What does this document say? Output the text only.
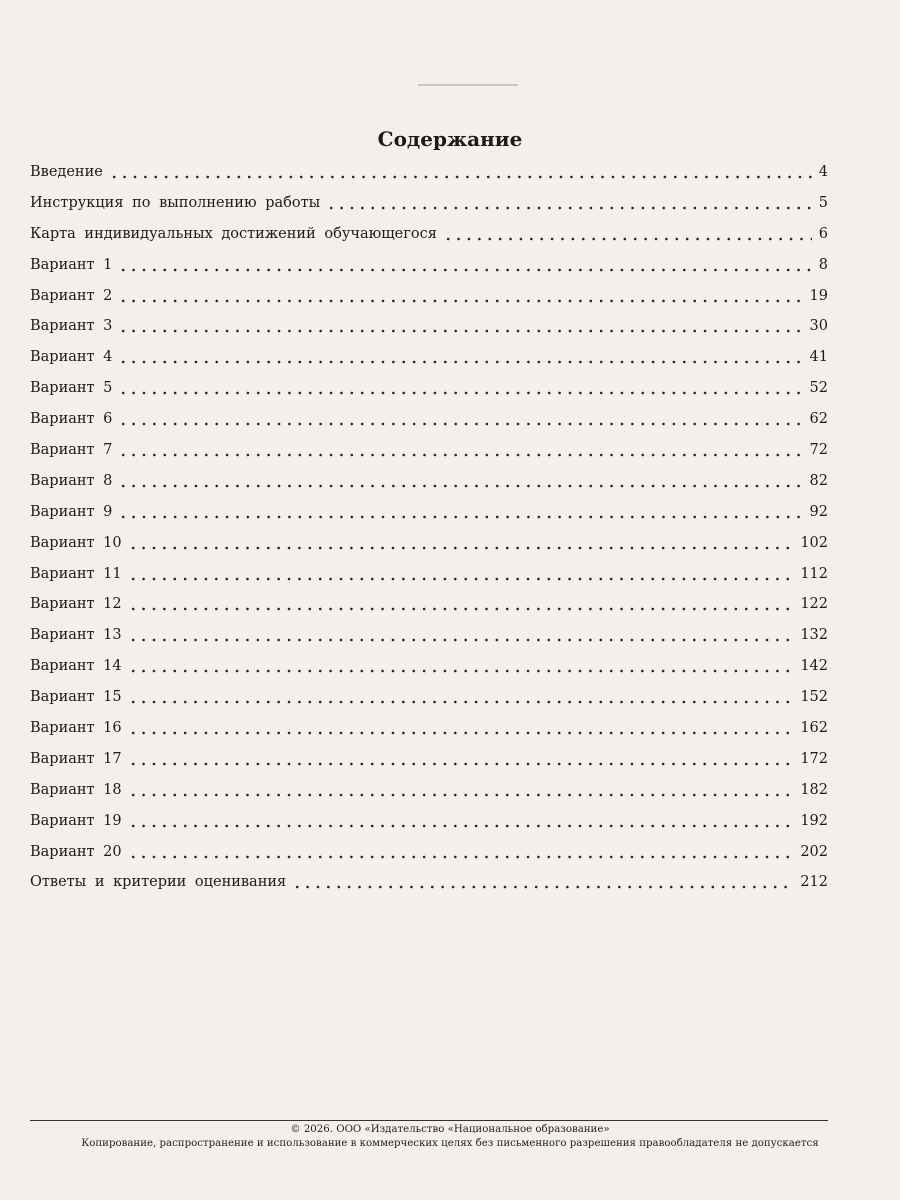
Содержание
Введение	4
Инструкция по выполнению работы	5
Карта индивидуальных достижений обучающегося	6
Вариант 1	8
Вариант 2	19
Вариант 3	30
Вариант 4	41
Вариант 5	52
Вариант 6	62
Вариант 7	72
Вариант 8	82
Вариант 9	92
Вариант 10	102
Вариант 11	112
Вариант 12	122
Вариант 13	132
Вариант 14	142
Вариант 15	152
Вариант 16	162
Вариант 17	172
Вариант 18	182
Вариант 19	192
Вариант 20	202
Ответы и критерии оценивания	212
© 2026. ООО «Издательство «Национальное образование»
Копирование, распространение и использование в коммерческих целях без письменного разрешения правообладателя не допускается
